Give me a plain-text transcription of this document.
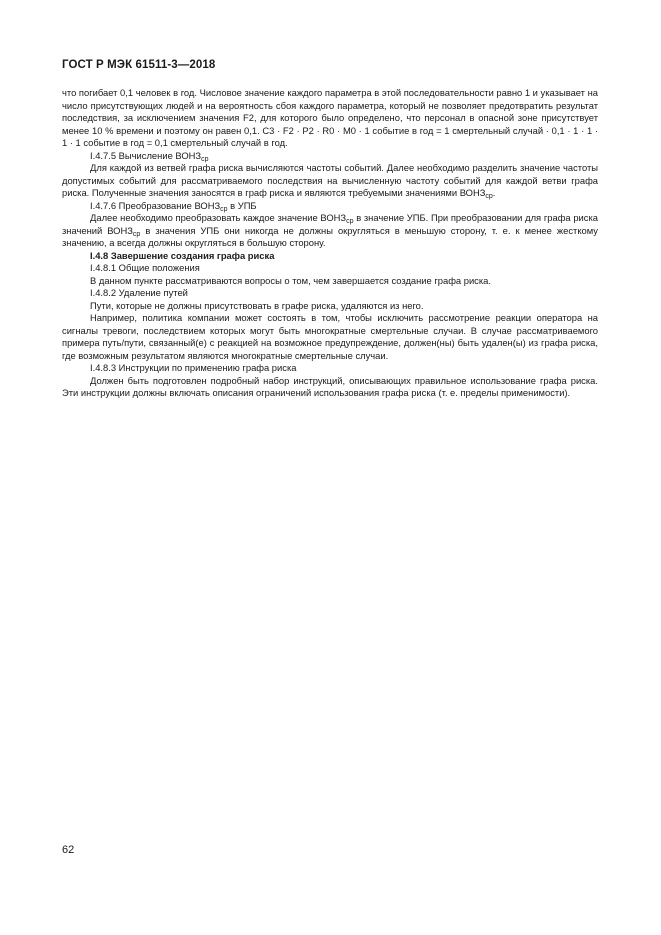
ГОСТ Р МЭК 61511-3—2018

что погибает 0,1 человек в год. Числовое значение каждого параметра в этой последовательности равно 1 и указывает на число присутствующих людей и на вероятность сбоя каждого параметра, который не позволяет предотвратить результат последствия, за исключением значения F2, для которого было определено, что персонал в опасной зоне присутствует менее 10 % времени и поэтому он равен 0,1. C3 · F2 · P2 · R0 · M0 · 1 событие в год = 1 смертельный случай · 0,1 · 1 · 1 · 1 · 1 событие в год = 0,1 смертельный случай в год.

I.4.7.5 Вычисление $ВОНЗ_{ср}$

Для каждой из ветвей графа риска вычисляются частоты событий. Далее необходимо разделить значение частоты допустимых событий для рассматриваемого последствия на вычисленную частоту событий для каждой ветви графа риска. Полученные значения заносятся в граф риска и являются требуемыми значениями $ВОНЗ_{ср}$.

I.4.7.6 Преобразование $ВОНЗ_{ср}$ в УПБ

Далее необходимо преобразовать каждое значение $ВОНЗ_{ср}$ в значение УПБ. При преобразовании для графа риска значений $ВОНЗ_{ср}$ в значения УПБ они никогда не должны округляться в меньшую сторону, т. е. к менее жесткому значению, а всегда должны округляться в большую сторону.

I.4.8 Завершение создания графа риска

I.4.8.1 Общие положения

В данном пункте рассматриваются вопросы о том, чем завершается создание графа риска.

I.4.8.2 Удаление путей

Пути, которые не должны присутствовать в графе риска, удаляются из него.

Например, политика компании может состоять в том, чтобы исключить рассмотрение реакции оператора на сигналы тревоги, последствием которых могут быть многократные смертельные случаи. В случае рассматриваемого примера путь/пути, связанный(е) с реакцией на возможное предупреждение, должен(ны) быть удален(ы) из графа риска, где возможным результатом являются многократные смертельные случаи.

I.4.8.3 Инструкции по применению графа риска

Должен быть подготовлен подробный набор инструкций, описывающих правильное использование графа риска. Эти инструкции должны включать описания ограничений использования графа риска (т. е. пределы применимости).

62
